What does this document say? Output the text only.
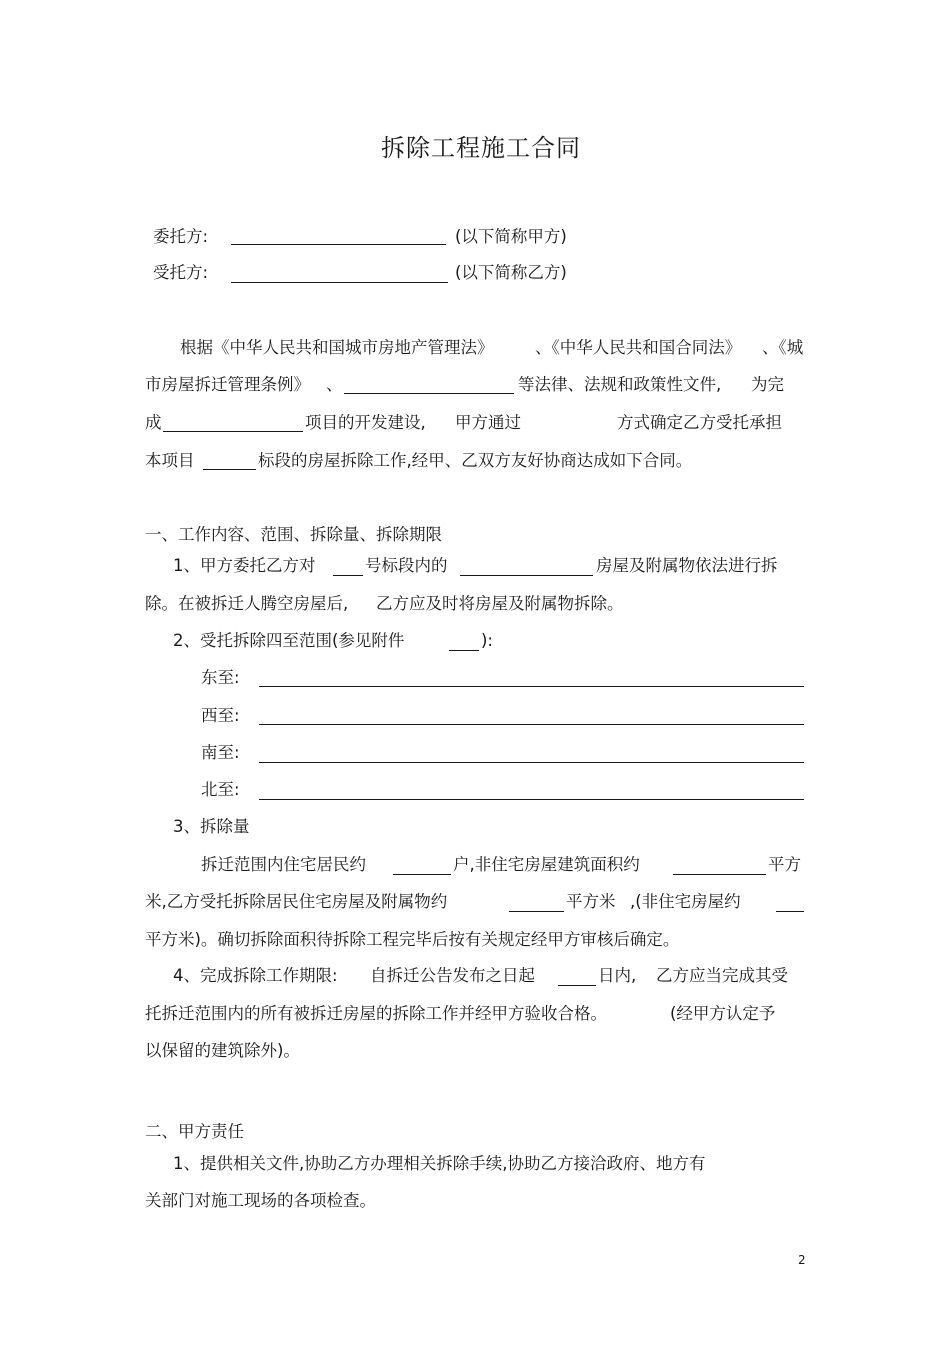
拆除工程施工合同
委托方:	(以下简称甲方)
受托方:	(以下简称乙方)
根据《中华人民共和国城市房地产管理法》	、《中华人民共和国合同法》 、《城
市房屋拆迁管理条例》 、	等法律、法规和政策性文件, 为完
成	项目的开发建设, 甲方通过	方式确定乙方受托承担
本项目	标段的房屋拆除工作,经甲、乙双方友好协商达成如下合同。
一、工作内容、范围、拆除量、拆除期限
1、甲方委托乙方对	号标段内的	房屋及附属物依法进行拆
除。在被拆迁人腾空房屋后, 乙方应及时将房屋及附属物拆除。
2、受托拆除四至范围(参见附件	):
东至:
西至:
南至:
北至:
3、拆除量
拆迁范围内住宅居民约	户,非住宅房屋建筑面积约	平方
米,乙方受托拆除居民住宅房屋及附属物约	平方米 ,(非住宅房屋约
平方米)。确切拆除面积待拆除工程完毕后按有关规定经甲方审核后确定。
4、完成拆除工作期限: 自拆迁公告发布之日起	日内, 乙方应当完成其受
托拆迁范围内的所有被拆迁房屋的拆除工作并经甲方验收合格。	(经甲方认定予
以保留的建筑除外)。
二、甲方责任
1、提供相关文件,协助乙方办理相关拆除手续,协助乙方接洽政府、地方有
关部门对施工现场的各项检查。
2
